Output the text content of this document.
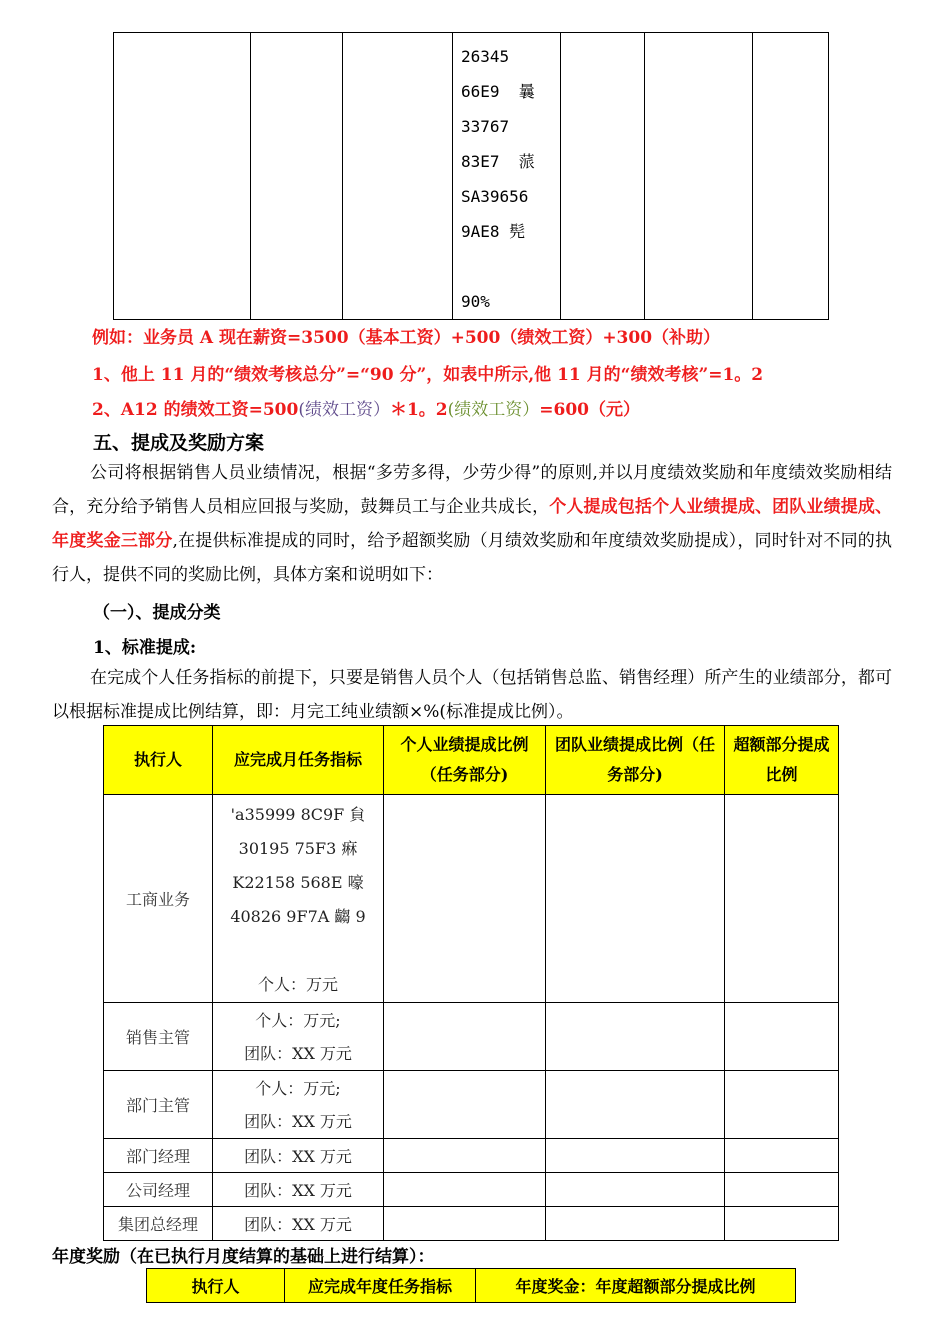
26345
66E9  曩
33767
83E7  蒎
SA39656
9AE8 髡

90%

例如：业务员 A 现在薪资=3500（基本工资）+500（绩效工资）+300（补助）
1、他上 11 月的“绩效考核总分”=“90 分”，如表中所示,他 11 月的“绩效考核”=1。2
2、A12 的绩效工资=500(绩效工资）＊1。2(绩效工资）=600（元）
五、提成及奖励方案
公司将根据销售人员业绩情况，根据“多劳多得，少劳少得”的原则,并以月度绩效奖励和年度绩效奖励相结合，充分给予销售人员相应回报与奖励，鼓舞员工与企业共成长，个人提成包括个人业绩提成、团队业绩提成、年度奖金三部分,在提供标准提成的同时，给予超额奖励（月绩效奖励和年度绩效奖励提成），同时针对不同的执行人，提供不同的奖励比例，具体方案和说明如下：
（一）、提成分类
1、标准提成:
在完成个人任务指标的前提下，只要是销售人员个人（包括销售总监、销售经理）所产生的业绩部分，都可以根据标准提成比例结算，即：月完工纯业绩额×%(标准提成比例）。
执行人	应完成月任务指标	个人业绩提成比例（任务部分)	团队业绩提成比例（任务部分)	超额部分提成比例
工商业务	'a35999 8C9F 貟
30195 75F3 痳
K22158 568E 嚎
40826 9F7A 齺 9

个人：万元			

销售主管	个人：万元;
团队：XX 万元			

部门主管	个人：万元;
团队：XX 万元			

部门经理	团队：XX 万元			
公司经理	团队：XX 万元			
集团总经理	团队：XX 万元			
年度奖励（在已执行月度结算的基础上进行结算）：
执行人	应完成年度任务指标	年度奖金：年度超额部分提成比例
